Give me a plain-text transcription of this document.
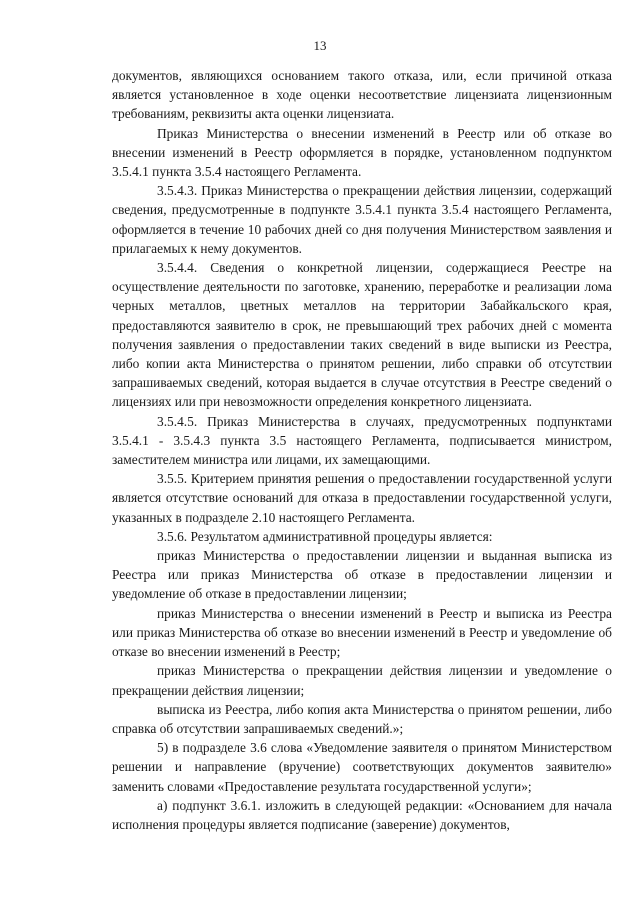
13

документов, являющихся основанием такого отказа, или, если причиной отказа является установленное в ходе оценки несоответствие лицензиата лицензионным требованиям, реквизиты акта оценки лицензиата.

Приказ Министерства о внесении изменений в Реестр или об отказе во внесении изменений в Реестр оформляется в порядке, установленном подпунктом 3.5.4.1 пункта 3.5.4 настоящего Регламента.

3.5.4.3. Приказ Министерства о прекращении действия лицензии, содержащий сведения, предусмотренные в подпункте 3.5.4.1 пункта 3.5.4 настоящего Регламента, оформляется в течение 10 рабочих дней со дня получения Министерством заявления и прилагаемых к нему документов.

3.5.4.4. Сведения о конкретной лицензии, содержащиеся Реестре на осуществление деятельности по заготовке, хранению, переработке и реализации лома черных металлов, цветных металлов на территории Забайкальского края, предоставляются заявителю в срок, не превышающий трех рабочих дней с момента получения заявления о предоставлении таких сведений в виде выписки из Реестра, либо копии акта Министерства о принятом решении, либо справки об отсутствии запрашиваемых сведений, которая выдается в случае отсутствия в Реестре сведений о лицензиях или при невозможности определения конкретного лицензиата.

3.5.4.5. Приказ Министерства в случаях, предусмотренных подпунктами 3.5.4.1 - 3.5.4.3 пункта 3.5 настоящего Регламента, подписывается министром, заместителем министра или лицами, их замещающими.

3.5.5. Критерием принятия решения о предоставлении государственной услуги является отсутствие оснований для отказа в предоставлении государственной услуги, указанных в подразделе 2.10 настоящего Регламента.

3.5.6. Результатом административной процедуры является:

приказ Министерства о предоставлении лицензии и выданная выписка из Реестра или приказ Министерства об отказе в предоставлении лицензии и уведомление об отказе в предоставлении лицензии;

приказ Министерства о внесении изменений в Реестр и выписка из Реестра или приказ Министерства об отказе во внесении изменений в Реестр и уведомление об отказе во внесении изменений в Реестр;

приказ Министерства о прекращении действия лицензии и уведомление о прекращении действия лицензии;

выписка из Реестра, либо копия акта Министерства о принятом решении, либо справка об отсутствии запрашиваемых сведений.»;

5) в подразделе 3.6 слова «Уведомление заявителя о принятом Министерством решении и направление (вручение) соответствующих документов заявителю» заменить словами «Предоставление результата государственной услуги»;

а) подпункт 3.6.1. изложить в следующей редакции: «Основанием для начала исполнения процедуры является подписание (заверение) документов,
